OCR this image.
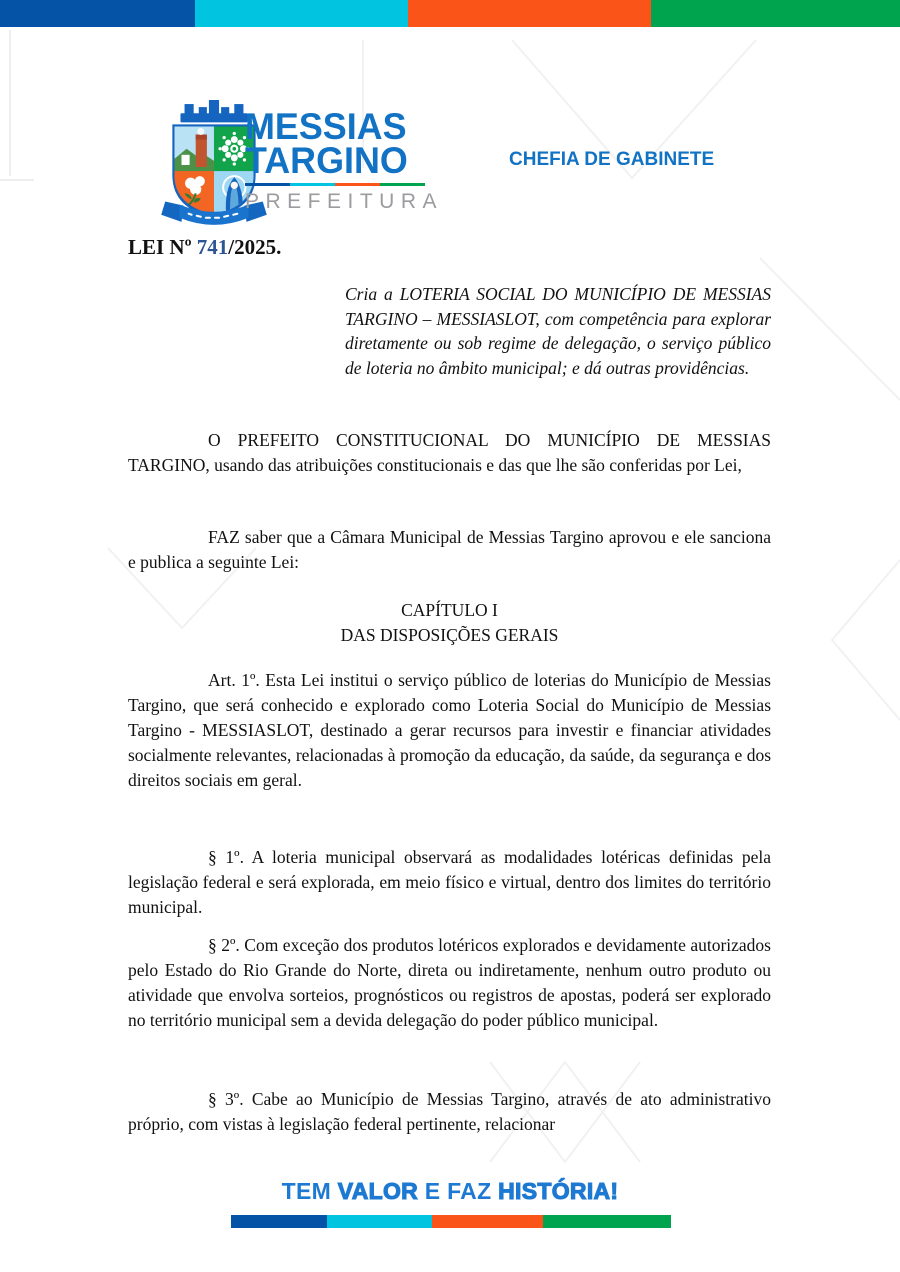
MESSIAS
TARGINO
PREFEITURA
CHEFIA DE GABINETE
LEI Nº 741/2025.
Cria a LOTERIA SOCIAL DO MUNICÍPIO DE MESSIAS TARGINO – MESSIASLOT, com competência para explorar diretamente ou sob regime de delegação, o serviço público de loteria no âmbito municipal; e dá outras providências.
O PREFEITO CONSTITUCIONAL DO MUNICÍPIO DE MESSIAS TARGINO, usando das atribuições constitucionais e das que lhe são conferidas por Lei,
FAZ saber que a Câmara Municipal de Messias Targino aprovou e ele sanciona e publica a seguinte Lei:
CAPÍTULO I
DAS DISPOSIÇÕES GERAIS
Art. 1º. Esta Lei institui o serviço público de loterias do Município de Messias Targino, que será conhecido e explorado como Loteria Social do Município de Messias Targino - MESSIASLOT, destinado a gerar recursos para investir e financiar atividades socialmente relevantes, relacionadas à promoção da educação, da saúde, da segurança e dos direitos sociais em geral.
§ 1º. A loteria municipal observará as modalidades lotéricas definidas pela legislação federal e será explorada, em meio físico e virtual, dentro dos limites do território municipal.
§ 2º. Com exceção dos produtos lotéricos explorados e devidamente autorizados pelo Estado do Rio Grande do Norte, direta ou indiretamente, nenhum outro produto ou atividade que envolva sorteios, prognósticos ou registros de apostas, poderá ser explorado no território municipal sem a devida delegação do poder público municipal.
§ 3º. Cabe ao Município de Messias Targino, através de ato administrativo próprio, com vistas à legislação federal pertinente, relacionar
TEM VALOR E FAZ HISTÓRIA!
